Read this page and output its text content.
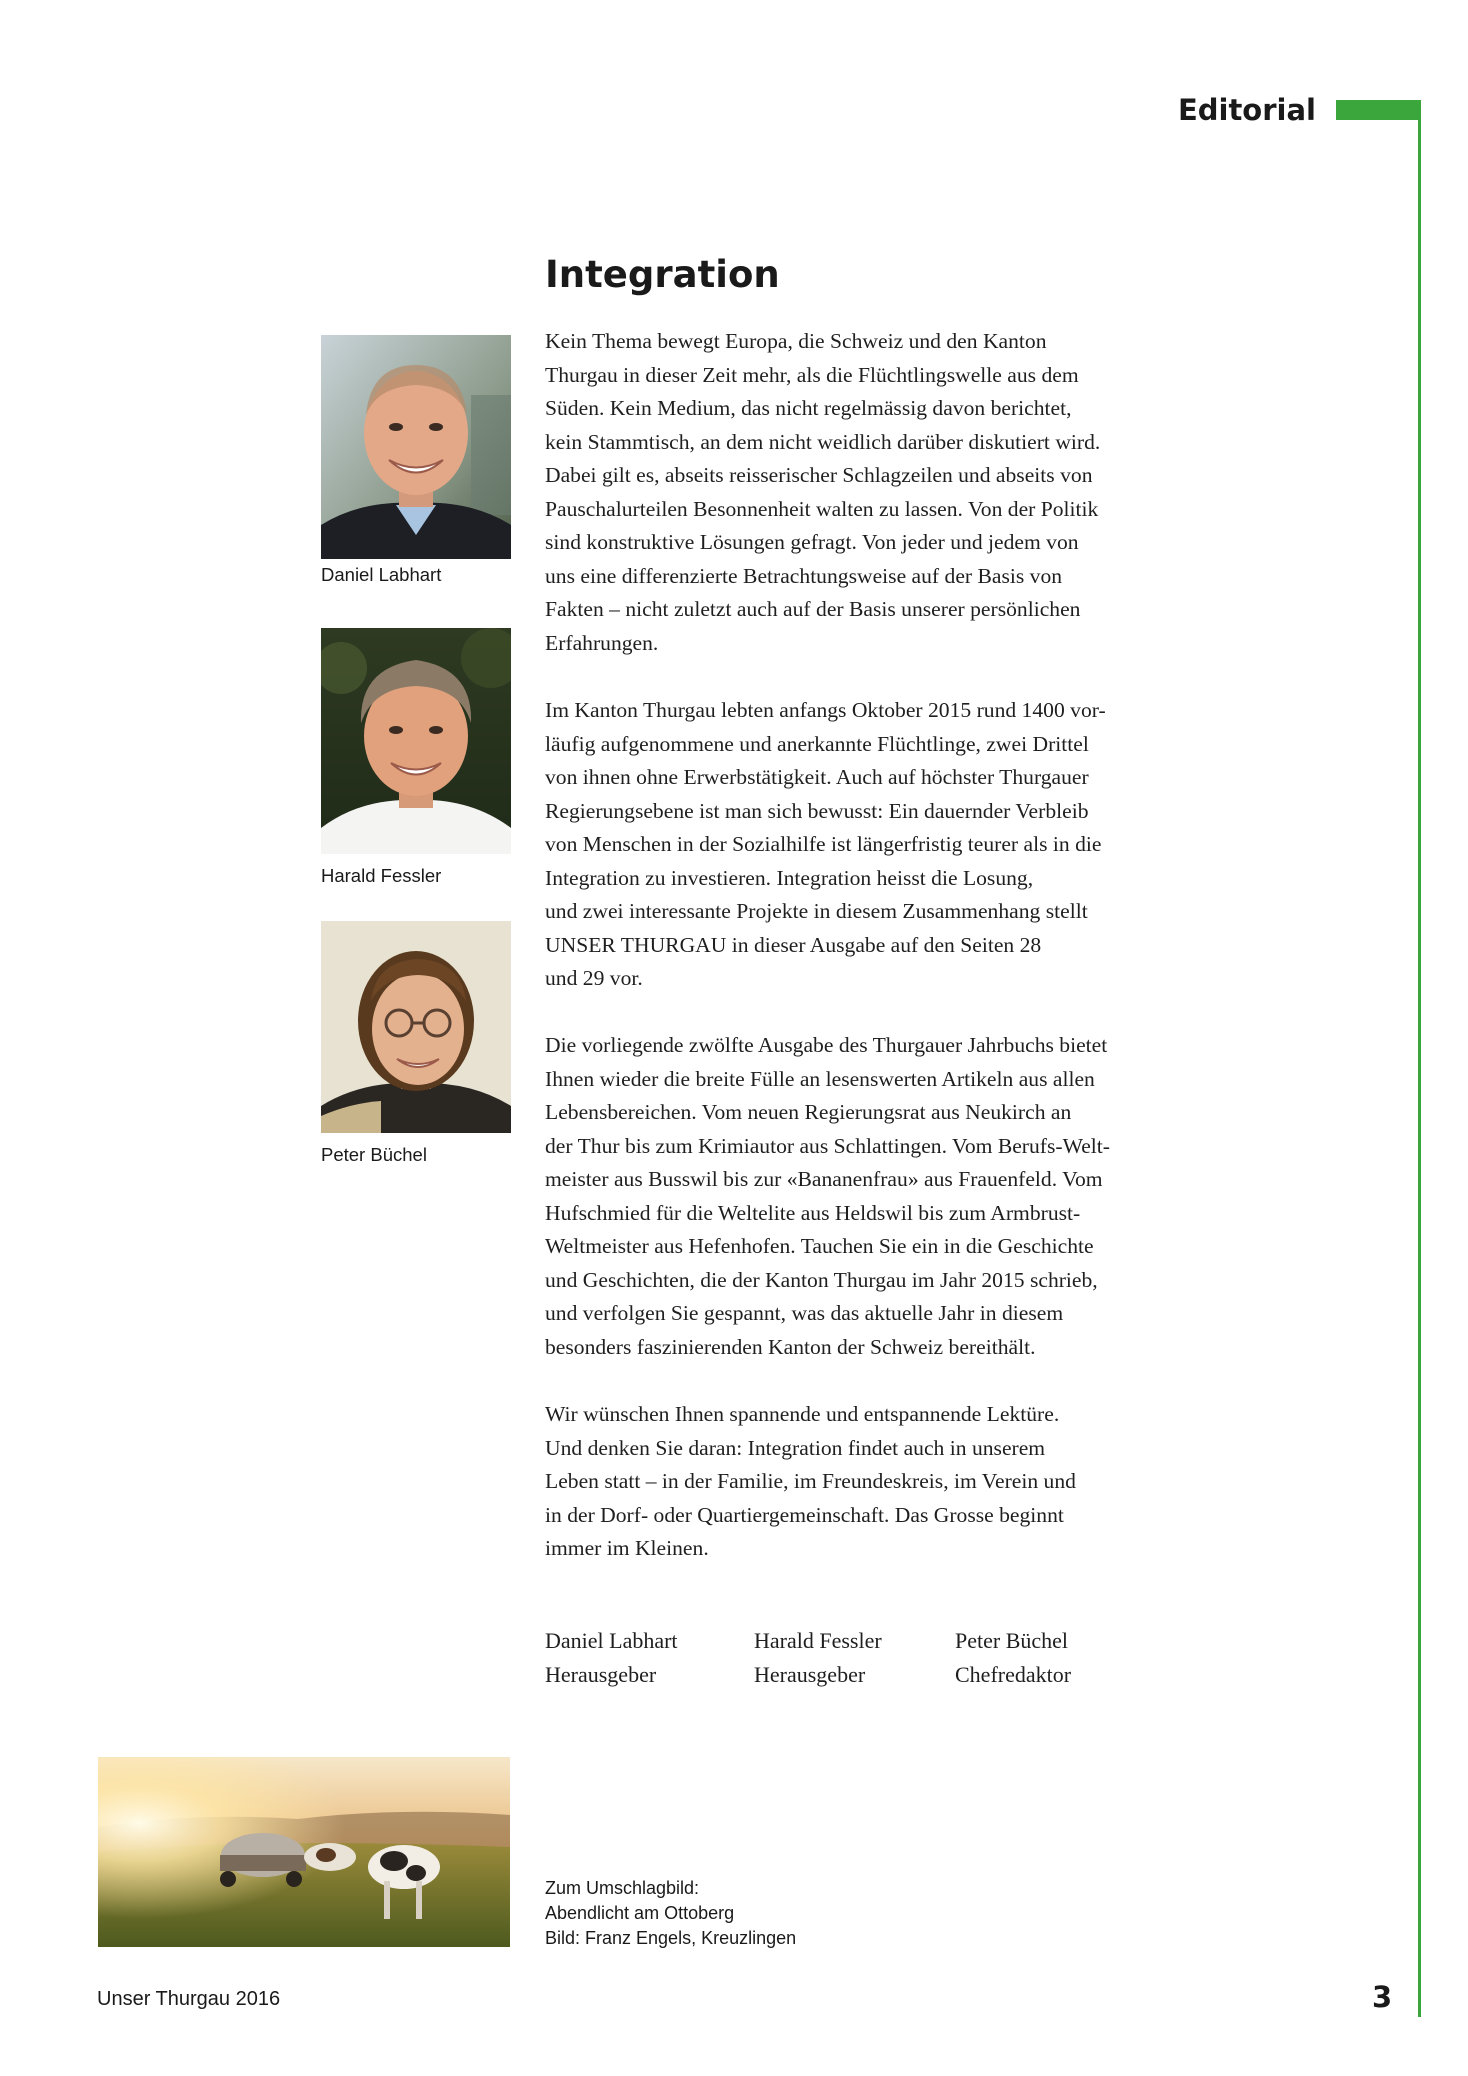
Editorial
Integration

Kein Thema bewegt Europa, die Schweiz und den Kanton
Thurgau in dieser Zeit mehr, als die Flüchtlingswelle aus dem
Süden. Kein Medium, das nicht regelmässig davon berichtet,
kein Stammtisch, an dem nicht weidlich darüber diskutiert wird.
Dabei gilt es, abseits reisserischer Schlagzeilen und abseits von
Pauschalurteilen Besonnenheit walten zu lassen. Von der Politik
sind konstruktive Lösungen gefragt. Von jeder und jedem von
uns eine differenzierte Betrachtungsweise auf der Basis von
Fakten – nicht zuletzt auch auf der Basis unserer persönlichen
Erfahrungen.

Im Kanton Thurgau lebten anfangs Oktober 2015 rund 1400 vor-
läufig aufgenommene und anerkannte Flüchtlinge, zwei Drittel
von ihnen ohne Erwerbstätigkeit. Auch auf höchster Thurgauer
Regierungsebene ist man sich bewusst: Ein dauernder Verbleib
von Menschen in der Sozialhilfe ist längerfristig teurer als in die
Integration zu investieren. Integration heisst die Losung,
und zwei interessante Projekte in diesem Zusammenhang stellt
UNSER THURGAU in dieser Ausgabe auf den Seiten 28
und 29 vor.

Die vorliegende zwölfte Ausgabe des Thurgauer Jahrbuchs bietet
Ihnen wieder die breite Fülle an lesenswerten Artikeln aus allen
Lebensbereichen. Vom neuen Regierungsrat aus Neukirch an
der Thur bis zum Krimiautor aus Schlattingen. Vom Berufs-Welt-
meister aus Busswil bis zur «Bananenfrau» aus Frauenfeld. Vom
Hufschmied für die Weltelite aus Heldswil bis zum Armbrust-
Weltmeister aus Hefenhofen. Tauchen Sie ein in die Geschichte
und Geschichten, die der Kanton Thurgau im Jahr 2015 schrieb,
und verfolgen Sie gespannt, was das aktuelle Jahr in diesem
besonders faszinierenden Kanton der Schweiz bereithält.

Wir wünschen Ihnen spannende und entspannende Lektüre.
Und denken Sie daran: Integration findet auch in unserem
Leben statt – in der Familie, im Freundeskreis, im Verein und
in der Dorf- oder Quartiergemeinschaft. Das Grosse beginnt
immer im Kleinen.

Daniel Labhart
Harald Fessler
Peter Büchel
Daniel Labhart
Herausgeber
Harald Fessler
Herausgeber
Peter Büchel
Chefredaktor
Zum Umschlagbild:
Abendlicht am Ottoberg
Bild: Franz Engels, Kreuzlingen
Unser Thurgau 2016	3
